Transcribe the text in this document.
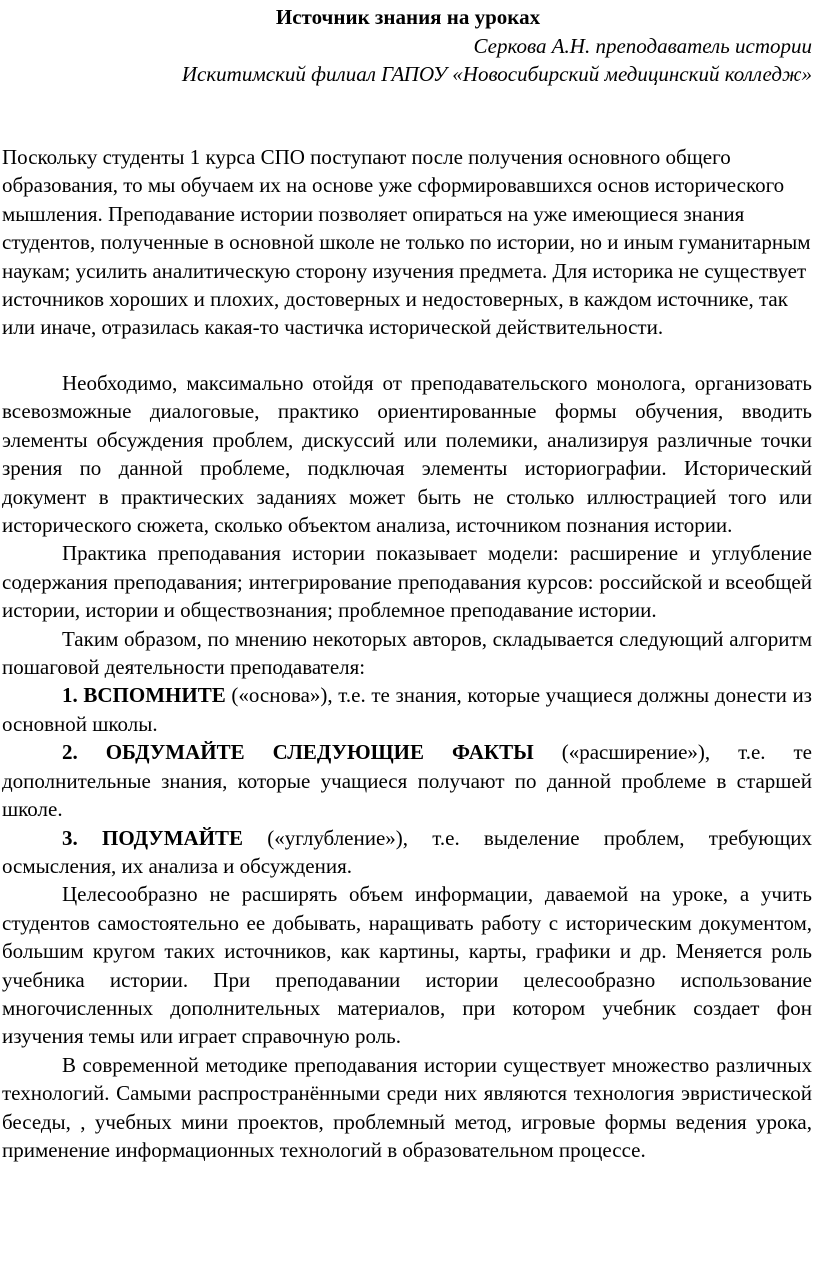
Источник знания на уроках

Серкова А.Н. преподаватель истории

Искитимский филиал ГАПОУ «Новосибирский медицинский колледж»

Поскольку студенты 1 курса СПО поступают после получения основного общего образования, то мы обучаем их на основе уже сформировавшихся основ исторического мышления. Преподавание истории позволяет опираться на уже имеющиеся знания студентов, полученные в основной школе не только по истории, но и иным гуманитарным наукам; усилить аналитическую сторону изучения предмета. Для историка не существует источников хороших и плохих, достоверных и недостоверных, в каждом источнике, так или иначе, отразилась какая-то частичка исторической действительности.

Необходимо, максимально отойдя от преподавательского монолога, организовать всевозможные диалоговые, практико ориентированные формы обучения, вводить элементы обсуждения проблем, дискуссий или полемики, анализируя различные точки зрения по данной проблеме, подключая элементы историографии. Исторический документ в практических заданиях может быть не столько иллюстрацией того или исторического сюжета, сколько объектом анализа, источником познания истории.

Практика преподавания истории показывает модели: расширение и углубление содержания преподавания; интегрирование преподавания курсов: российской и всеобщей истории, истории и обществознания; проблемное преподавание истории.

Таким образом, по мнению некоторых авторов, складывается следующий алгоритм пошаговой деятельности преподавателя:

1. ВСПОМНИТЕ («основа»), т.е. те знания, которые учащиеся должны донести из основной школы.

2. ОБДУМАЙТЕ СЛЕДУЮЩИЕ ФАКТЫ («расширение»), т.е. те дополнительные знания, которые учащиеся получают по данной проблеме в старшей школе.

3. ПОДУМАЙТЕ («углубление»), т.е. выделение проблем, требующих осмысления, их анализа и обсуждения.

Целесообразно не расширять объем информации, даваемой на уроке, а учить студентов самостоятельно ее добывать, наращивать работу с историческим документом, большим кругом таких источников, как картины, карты, графики и др. Меняется роль учебника истории. При преподавании истории целесообразно использование многочисленных дополнительных материалов, при котором учебник создает фон изучения темы или играет справочную роль.

В современной методике преподавания истории существует множество различных технологий. Самыми распространёнными среди них являются технология эвристической беседы, , учебных мини проектов, проблемный метод, игровые формы ведения урока, применение информационных технологий в образовательном процессе.
